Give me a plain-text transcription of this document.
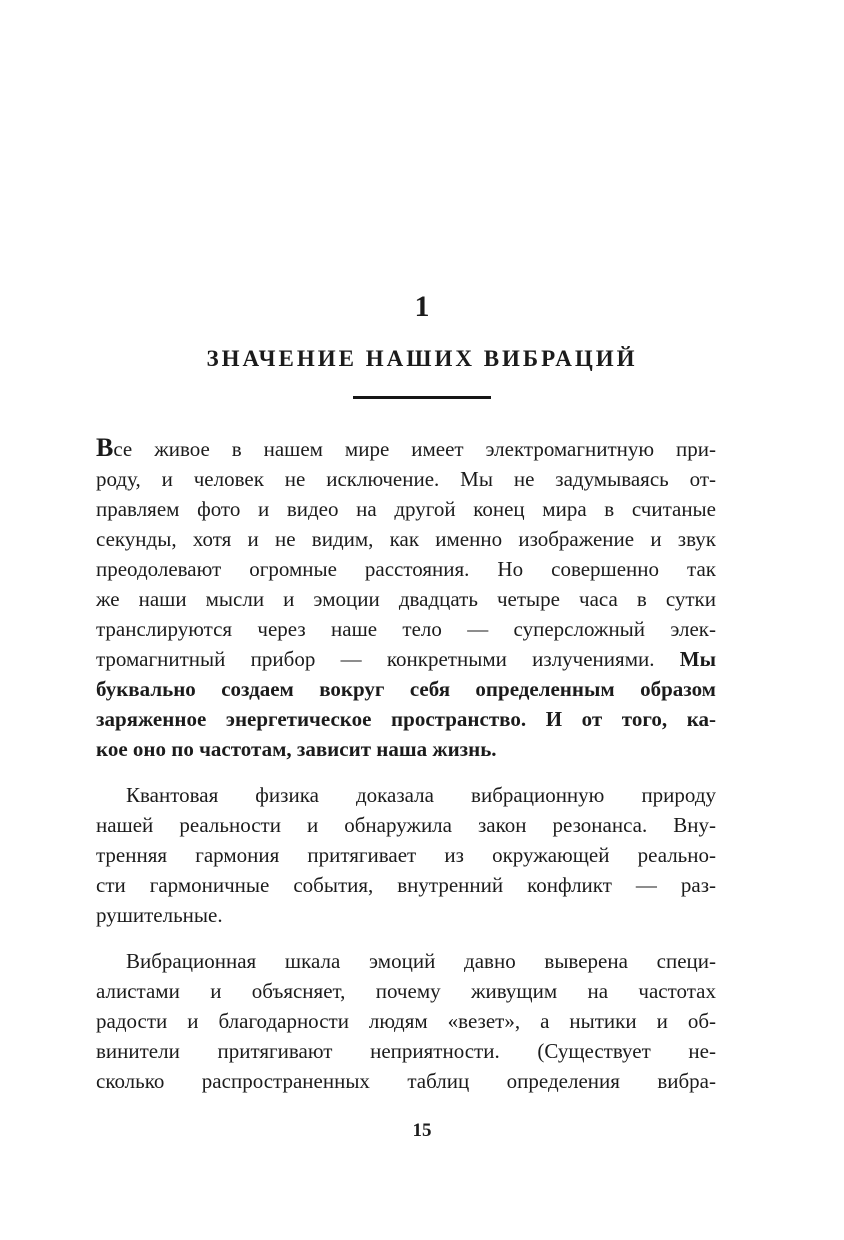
1
ЗНАЧЕНИЕ НАШИХ ВИБРАЦИЙ
Все живое в нашем мире имеет электромагнитную при-
роду, и человек не исключение. Мы не задумываясь от-
правляем фото и видео на другой конец мира в считаные
секунды, хотя и не видим, как именно изображение и звук
преодолевают огромные расстояния. Но совершенно так
же наши мысли и эмоции двадцать четыре часа в сутки
транслируются через наше тело — суперсложный элек-
тромагнитный прибор — конкретными излучениями. Мы
буквально создаем вокруг себя определенным образом
заряженное энергетическое пространство. И от того, ка-
кое оно по частотам, зависит наша жизнь.
Квантовая физика доказала вибрационную природу
нашей реальности и обнаружила закон резонанса. Вну-
тренняя гармония притягивает из окружающей реально-
сти гармоничные события, внутренний конфликт — раз-
рушительные.
Вибрационная шкала эмоций давно выверена специ-
алистами и объясняет, почему живущим на частотах
радости и благодарности людям «везет», а нытики и об-
винители притягивают неприятности. (Существует не-
сколько распространенных таблиц определения вибра-
15
